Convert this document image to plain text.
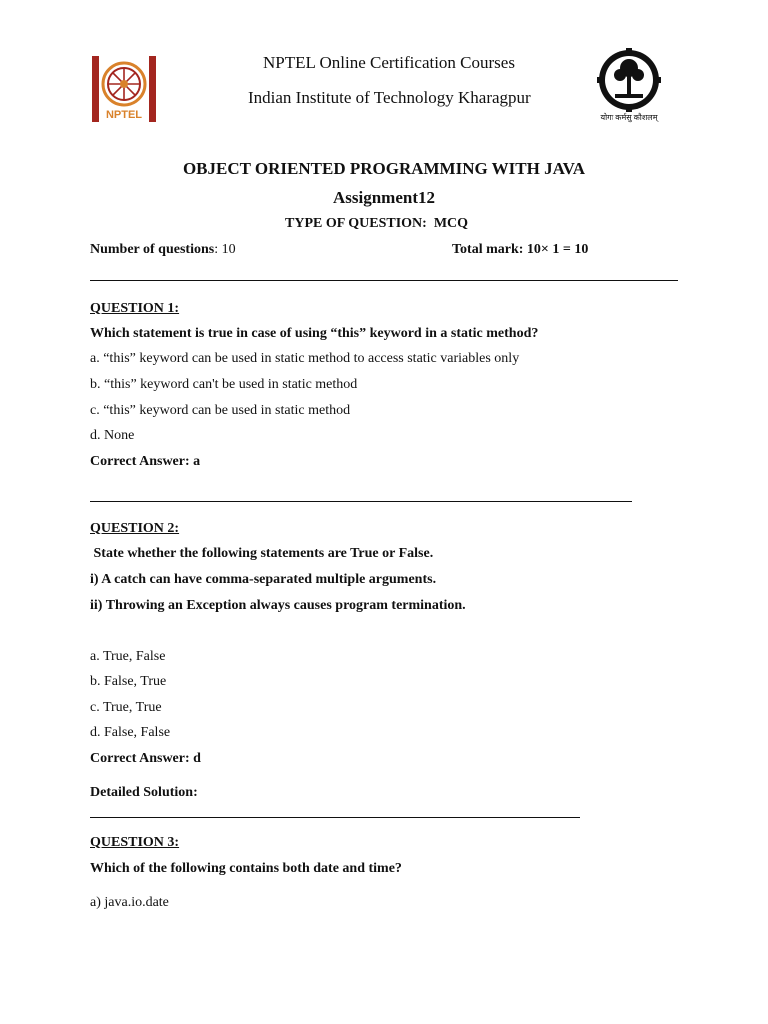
NPTEL
NPTEL Online Certification Courses
Indian Institute of Technology Kharagpur
योगः कर्मसु कौशलम्
OBJECT ORIENTED PROGRAMMING WITH JAVA
Assignment12
TYPE OF QUESTION: MCQ
Number of questions: 10	Total mark: 10× 1 = 10
QUESTION 1:
Which statement is true in case of using “this” keyword in a static method?
a. “this” keyword can be used in static method to access static variables only
b. “this” keyword can't be used in static method
c. “this” keyword can be used in static method
d. None
Correct Answer: a
QUESTION 2:
State whether the following statements are True or False.
i) A catch can have comma-separated multiple arguments.
ii) Throwing an Exception always causes program termination.
a. True, False
b. False, True
c. True, True
d. False, False
Correct Answer: d
Detailed Solution:
QUESTION 3:
Which of the following contains both date and time?
a) java.io.date
